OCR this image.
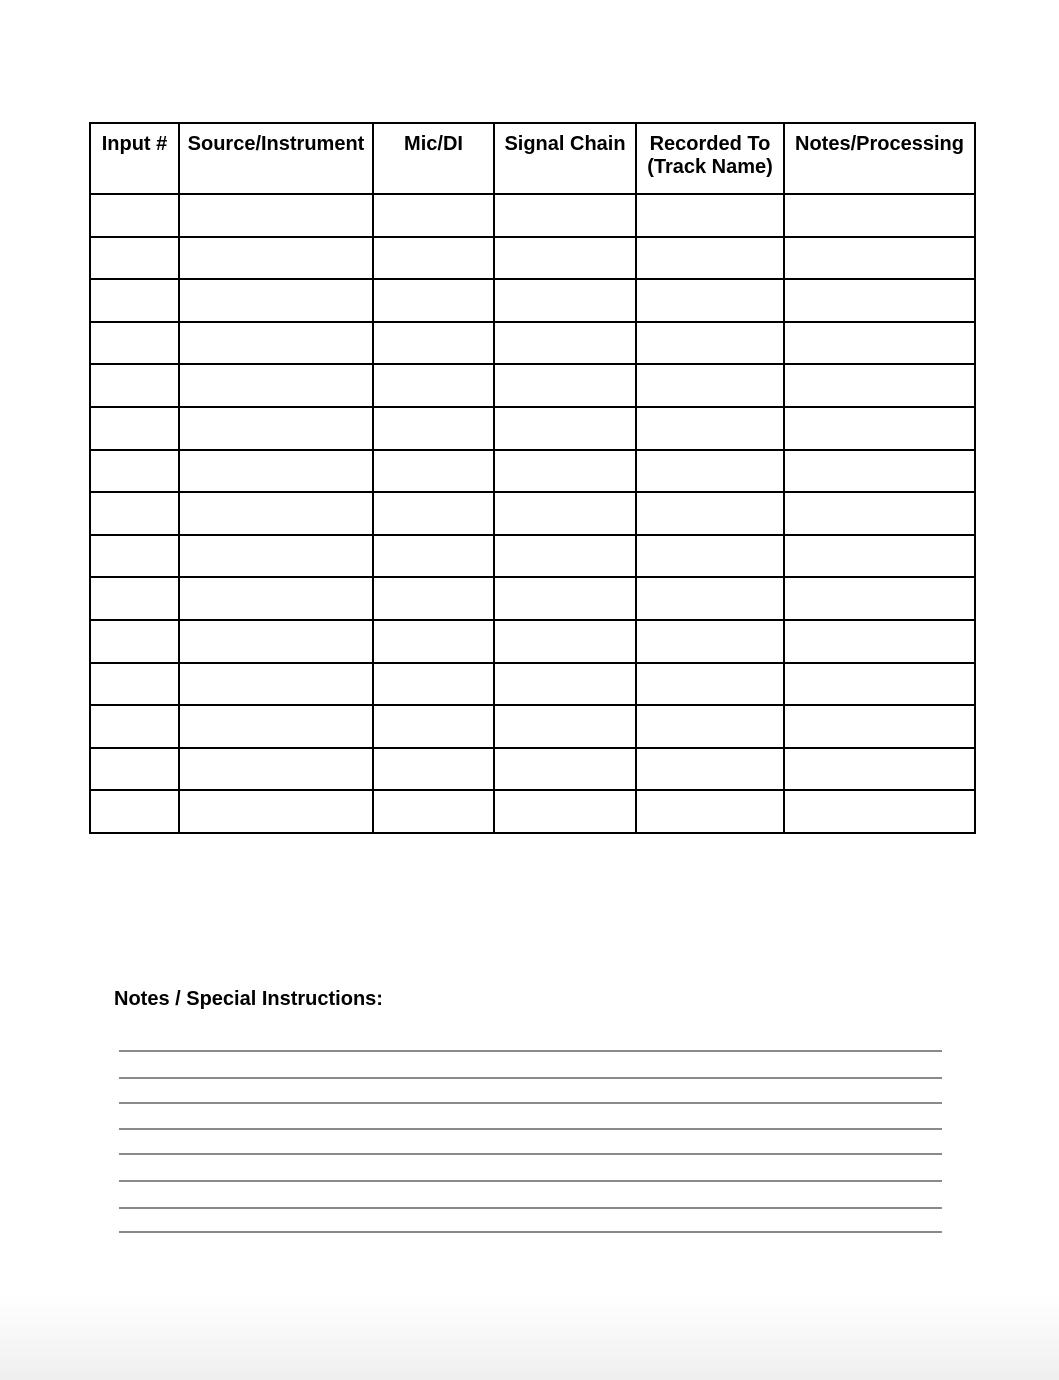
Input #	Source/Instrument	Mic/DI	Signal Chain	Recorded To (Track Name)	Notes/Processing

Notes / Special Instructions:
